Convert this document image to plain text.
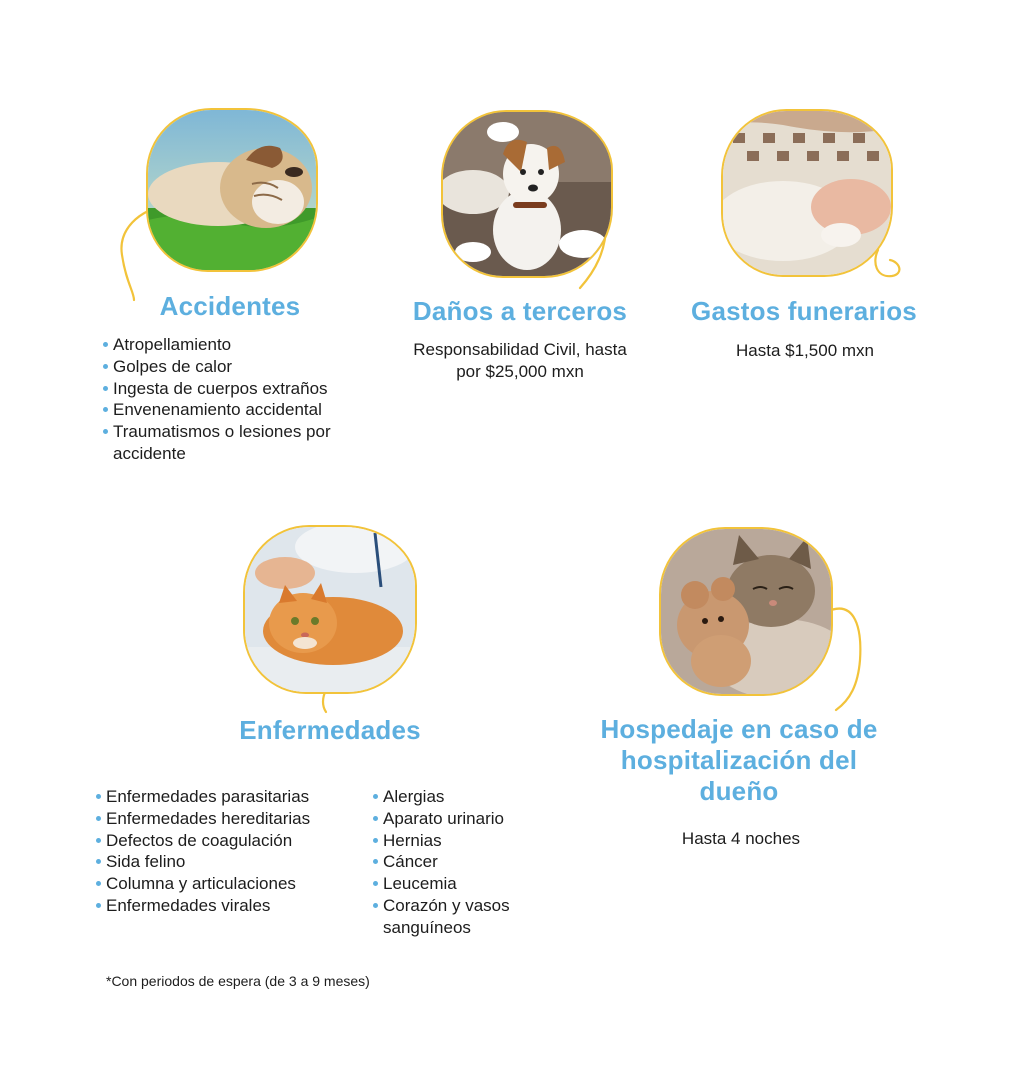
Accidentes
Atropellamiento
Golpes de calor
Ingesta de cuerpos extraños
Envenenamiento accidental
Traumatismos o lesiones por accidente
Daños a terceros

Responsabilidad Civil, hasta por $25,000 mxn

Gastos funerarios

Hasta $1,500 mxn

Enfermedades
Enfermedades parasitarias
Enfermedades hereditarias
Defectos de coagulación
Sida felino
Columna y articulaciones
Enfermedades virales
Alergias
Aparato urinario
Hernias
Cáncer
Leucemia
Corazón y vasos sanguíneos
Hospedaje en caso de hospitalización del dueño

Hasta 4 noches

*Con periodos de espera (de 3 a 9 meses)
